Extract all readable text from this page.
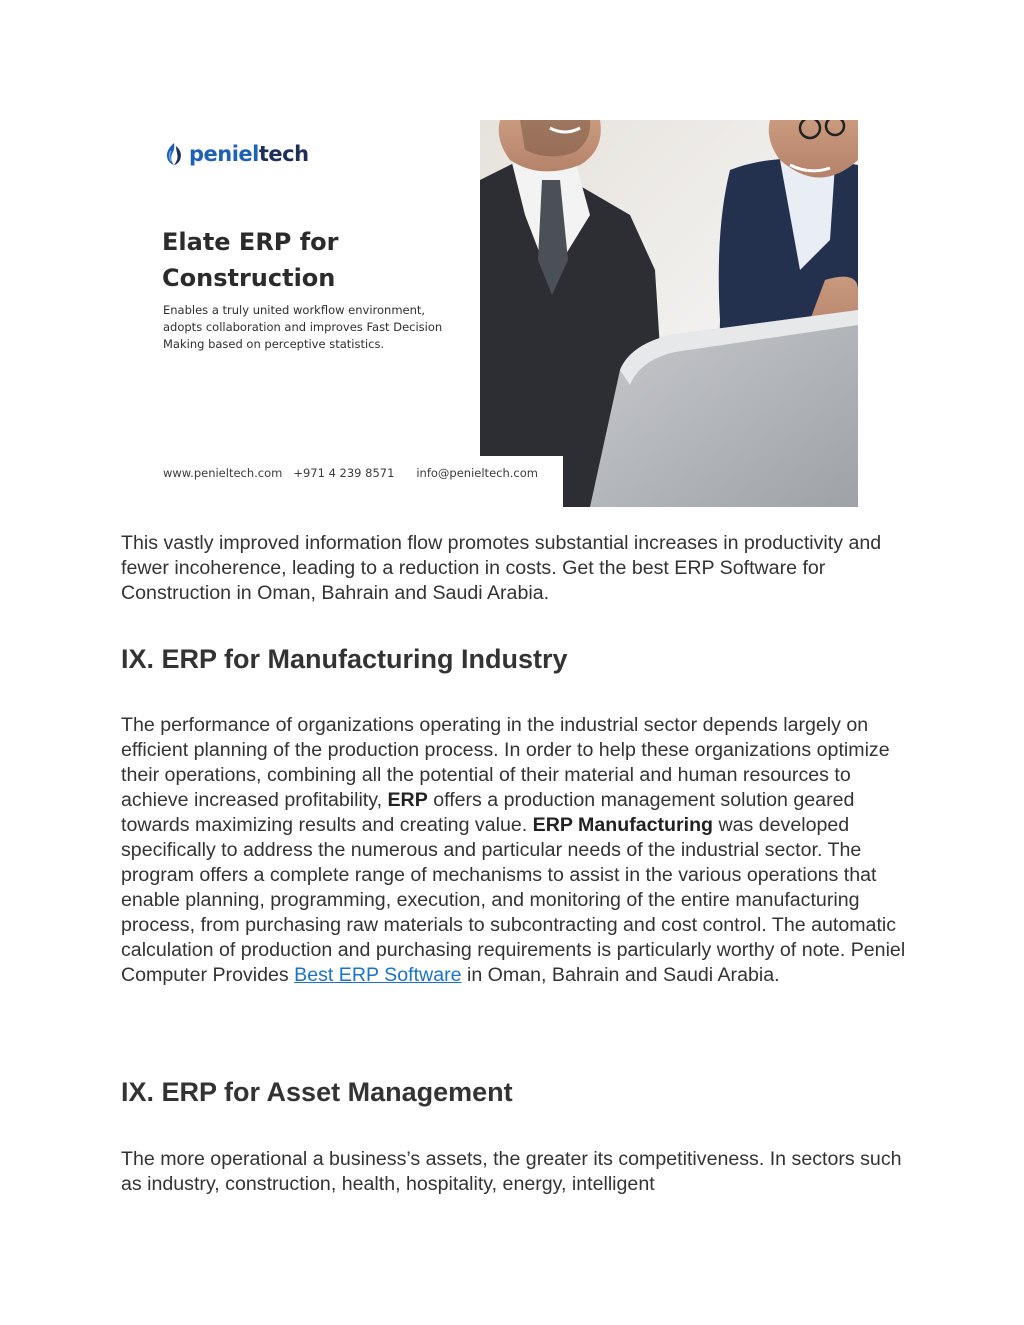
penieltech
Elate ERP for
Construction

Enables a truly united workflow environment, adopts collaboration and improves Fast Decision Making based on perceptive statistics.

www.penieltech.com +971 4 239 8571 info@penieltech.com

This vastly improved information flow promotes substantial increases in productivity and fewer incoherence, leading to a reduction in costs. Get the best ERP Software for Construction in Oman, Bahrain and Saudi Arabia.

IX. ERP for Manufacturing Industry

The performance of organizations operating in the industrial sector depends largely on efficient planning of the production process. In order to help these organizations optimize their operations, combining all the potential of their material and human resources to achieve increased profitability, ERP offers a production management solution geared towards maximizing results and creating value. ERP Manufacturing was developed specifically to address the numerous and particular needs of the industrial sector. The program offers a complete range of mechanisms to assist in the various operations that enable planning, programming, execution, and monitoring of the entire manufacturing process, from purchasing raw materials to subcontracting and cost control. The automatic calculation of production and purchasing requirements is particularly worthy of note. Peniel Computer Provides Best ERP Software in Oman, Bahrain and Saudi Arabia.

IX. ERP for Asset Management

The more operational a business’s assets, the greater its competitiveness. In sectors such as industry, construction, health, hospitality, energy, intelligent
